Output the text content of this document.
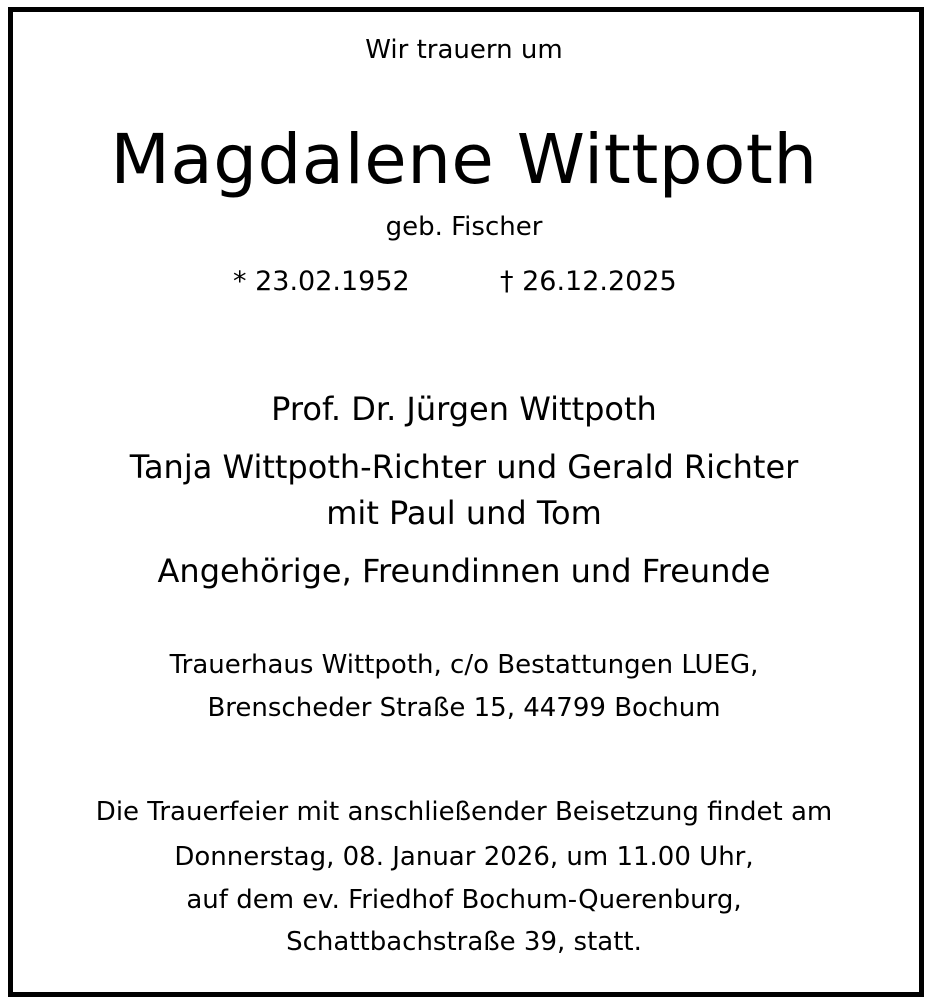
Wir trauern um
Magdalene Wittpoth
geb. Fischer
* 23.02.1952	† 26.12.2025
Prof. Dr. Jürgen Wittpoth
Tanja Wittpoth-Richter und Gerald Richter
mit Paul und Tom
Angehörige, Freundinnen und Freunde
Trauerhaus Wittpoth, c/o Bestattungen LUEG,
Brenscheder Straße 15, 44799 Bochum
Die Trauerfeier mit anschließender Beisetzung findet am
Donnerstag, 08. Januar 2026, um 11.00 Uhr,
auf dem ev. Friedhof Bochum-Querenburg,
Schattbachstraße 39, statt.
